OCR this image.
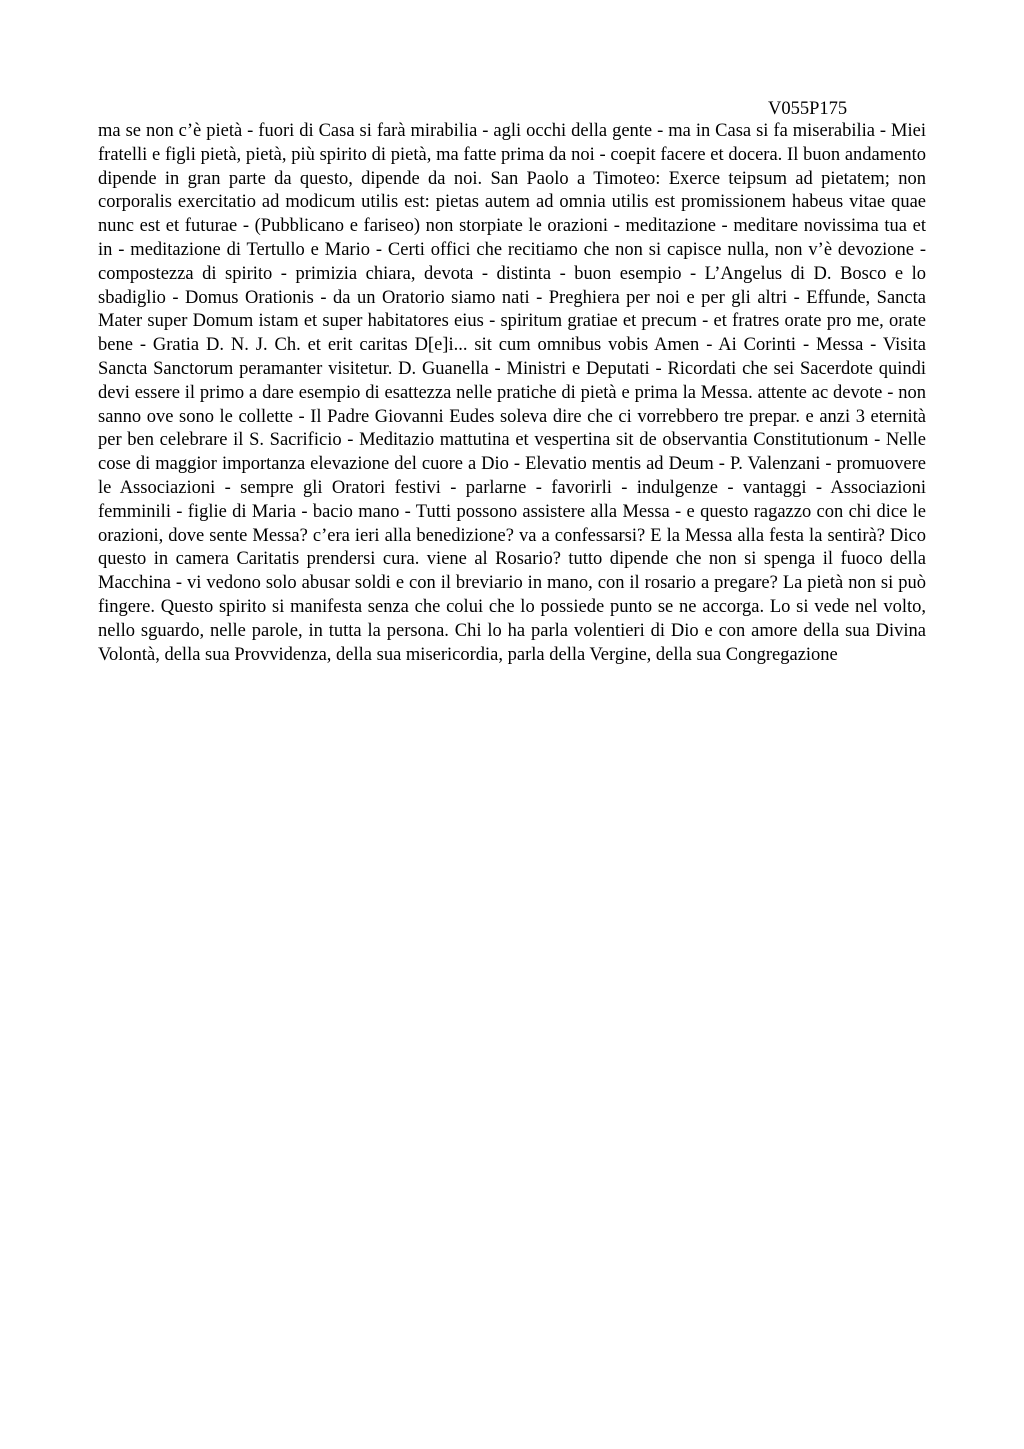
V055P175

ma se non c’è pietà - fuori di Casa si farà mirabilia - agli occhi della gente - ma in Casa si fa miserabilia - Miei fratelli e figli pietà, pietà, più spirito di pietà, ma fatte prima da noi - coepit facere et docera. Il buon andamento dipende in gran parte da questo, dipende da noi. San Paolo a Timoteo: Exerce teipsum ad pietatem; non corporalis exercitatio ad modicum utilis est: pietas autem ad omnia utilis est promissionem habeus vitae quae nunc est et futurae - (Pubblicano e fariseo) non storpiate le orazioni - meditazione - meditare novissima tua et in - meditazione di Tertullo e Mario - Certi offici che recitiamo che non si capisce nulla, non v’è devozione - compostezza di spirito - primizia chiara, devota - distinta - buon esempio - L’Angelus di D. Bosco e lo sbadiglio - Domus Orationis - da un Oratorio siamo nati - Preghiera per noi e per gli altri - Effunde, Sancta Mater super Domum istam et super habitatores eius - spiritum gratiae et precum - et fratres orate pro me, orate bene - Gratia D. N. J. Ch. et erit caritas D[e]i... sit cum omnibus vobis Amen - Ai Corinti - Messa - Visita Sancta Sanctorum peramanter visitetur. D. Guanella - Ministri e Deputati - Ricordati che sei Sacerdote quindi devi essere il primo a dare esempio di esattezza nelle pratiche di pietà e prima la Messa. attente ac devote - non sanno ove sono le collette - Il Padre Giovanni Eudes soleva dire che ci vorrebbero tre prepar. e anzi 3 eternità per ben celebrare il S. Sacrificio - Meditazio mattutina et vespertina sit de observantia Constitutionum - Nelle cose di maggior importanza elevazione del cuore a Dio - Elevatio mentis ad Deum - P. Valenzani - promuovere le Associazioni - sempre gli Oratori festivi - parlarne - favorirli - indulgenze - vantaggi - Associazioni femminili - figlie di Maria - bacio mano - Tutti possono assistere alla Messa - e questo ragazzo con chi dice le orazioni, dove sente Messa? c’era ieri alla benedizione? va a confessarsi? E la Messa alla festa la sentirà? Dico questo in camera Caritatis prendersi cura. viene al Rosario? tutto dipende che non si spenga il fuoco della Macchina - vi vedono solo abusar soldi e con il breviario in mano, con il rosario a pregare? La pietà non si può fingere. Questo spirito si manifesta senza che colui che lo possiede punto se ne accorga. Lo si vede nel volto, nello sguardo, nelle parole, in tutta la persona. Chi lo ha parla volentieri di Dio e con amore della sua Divina Volontà, della sua Provvidenza, della sua misericordia, parla della Vergine, della sua Congregazione
